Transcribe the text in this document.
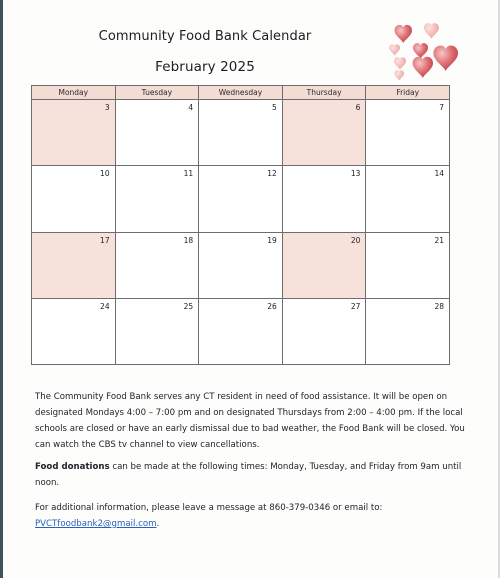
Community Food Bank Calendar
February 2025
Monday	Tuesday	Wednesday	Thursday	Friday
3	4	5	6	7
10	11	12	13	14
17	18	19	20	21
24	25	26	27	28

The Community Food Bank serves any CT resident in need of food assistance. It will be open on designated Mondays 4:00 – 7:00 pm and on designated Thursdays from 2:00 – 4:00 pm. If the local schools are closed or have an early dismissal due to bad weather, the Food Bank will be closed. You can watch the CBS tv channel to view cancellations.

Food donations can be made at the following times: Monday, Tuesday, and Friday from 9am until noon.

For additional information, please leave a message at 860-379-0346 or email to:
PVCTfoodbank2@gmail.com.
